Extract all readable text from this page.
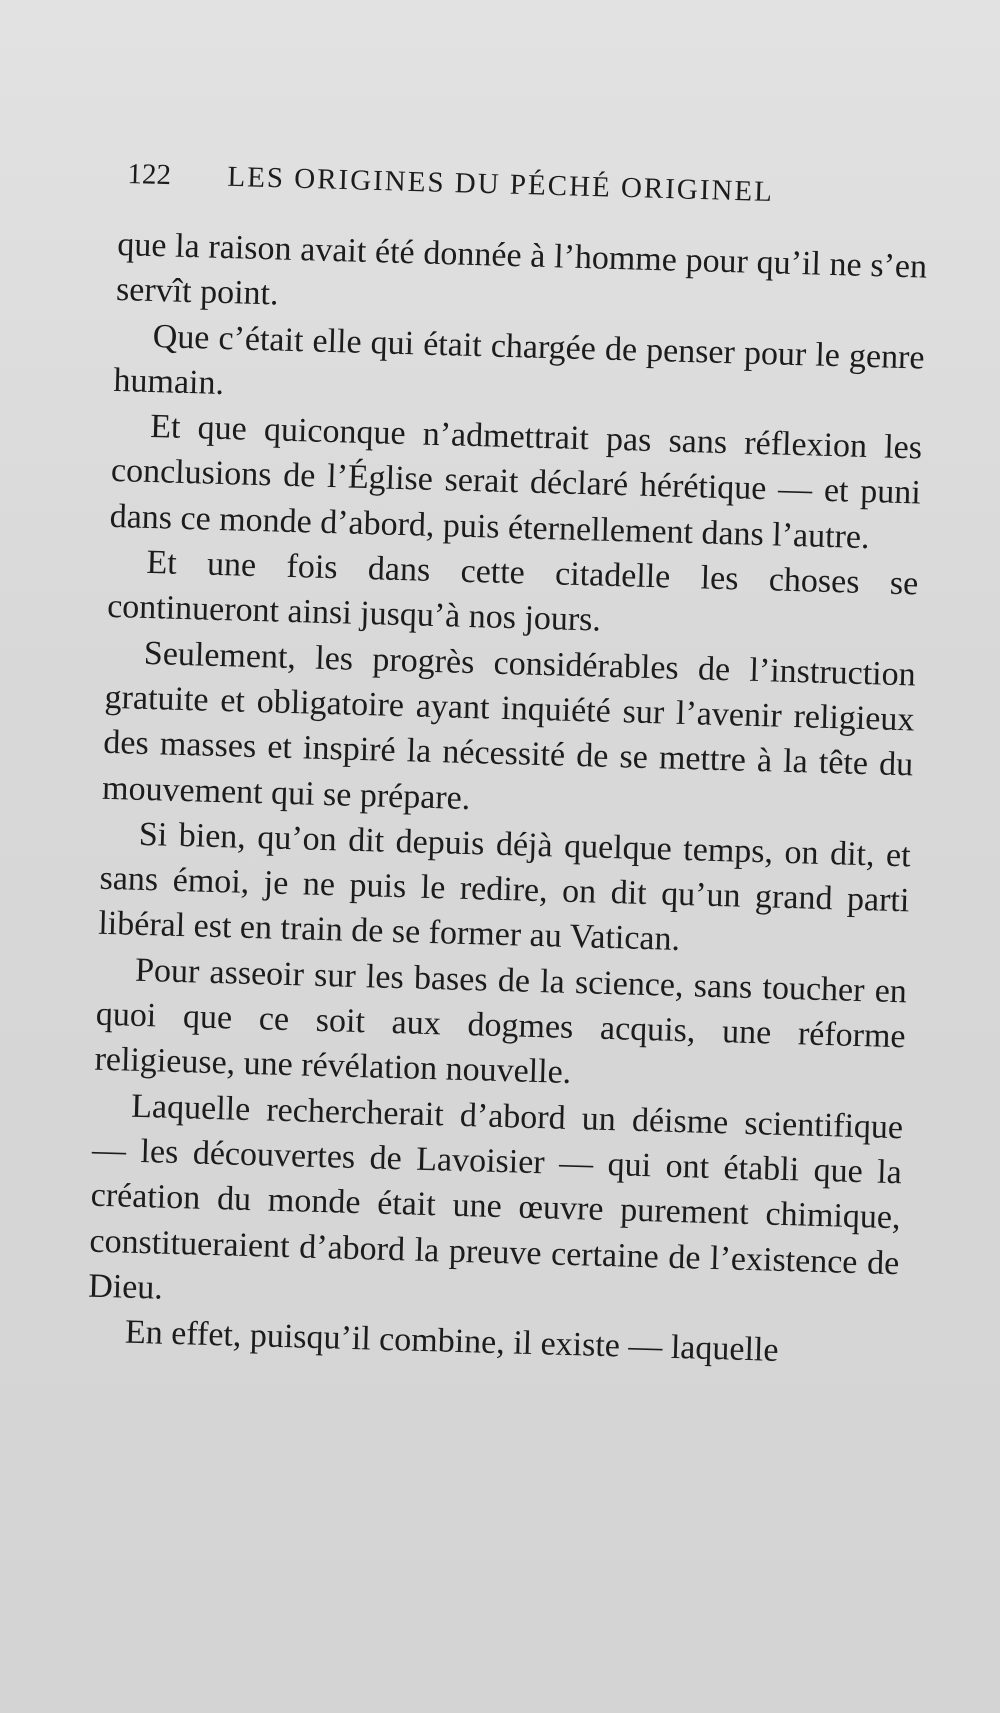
122 LES ORIGINES DU PÉCHÉ ORIGINEL

que la raison avait été donnée à l’homme pour qu’il ne s’en servît point.

Que c’était elle qui était chargée de penser pour le genre humain.

Et que quiconque n’admettrait pas sans réflexion les conclusions de l’Église serait déclaré hérétique — et puni dans ce monde d’abord, puis éternellement dans l’autre.

Et une fois dans cette citadelle les choses se continueront ainsi jusqu’à nos jours.

Seulement, les progrès considérables de l’instruction gratuite et obligatoire ayant inquiété sur l’avenir religieux des masses et inspiré la nécessité de se mettre à la tête du mouvement qui se prépare.

Si bien, qu’on dit depuis déjà quelque temps, on dit, et sans émoi, je ne puis le redire, on dit qu’un grand parti libéral est en train de se former au Vatican.

Pour asseoir sur les bases de la science, sans toucher en quoi que ce soit aux dogmes acquis, une réforme religieuse, une révélation nouvelle.

Laquelle rechercherait d’abord un déisme scientifique — les découvertes de Lavoisier — qui ont établi que la création du monde était une œuvre purement chimique, constitueraient d’abord la preuve certaine de l’existence de Dieu.

En effet, puisqu’il combine, il existe — laquelle
